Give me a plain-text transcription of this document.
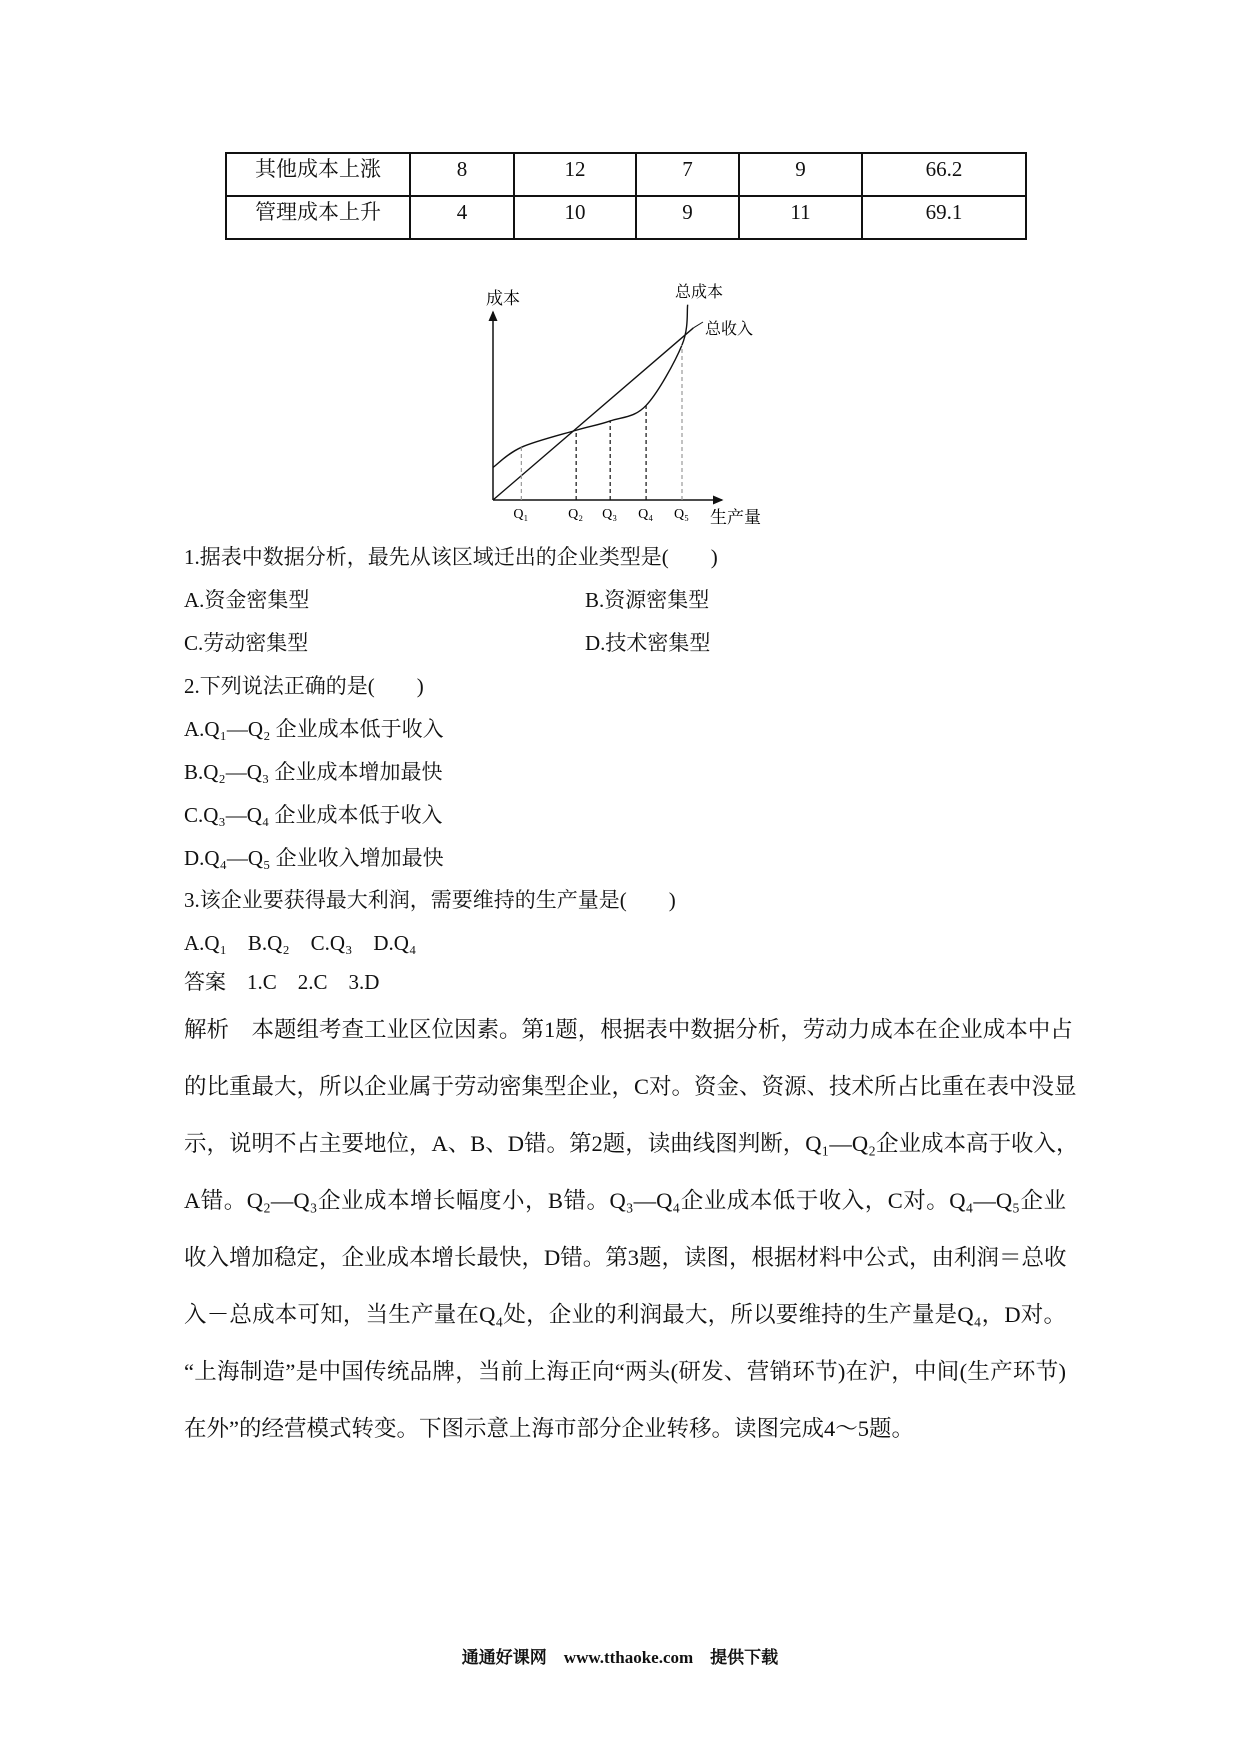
其他成本上涨	8	12	7	9	66.2
管理成本上升	4	10	9	11	69.1
成本
生产量
总成本
总收入
Q₁	Q₂ Q₃ Q₄ Q₅
1.据表中数据分析，最先从该区域迁出的企业类型是(　　)
A.资金密集型	B.资源密集型
C.劳动密集型	D.技术密集型
2.下列说法正确的是(　　)
A.Q₁—Q₂ 企业成本低于收入
B.Q₂—Q₃ 企业成本增加最快
C.Q₃—Q₄ 企业成本低于收入
D.Q₄—Q₅ 企业收入增加最快
3.该企业要获得最大利润，需要维持的生产量是(　　)
A.Q₁　B.Q₂　C.Q₃　D.Q₄
答案　1.C　2.C　3.D
解析　本题组考查工业区位因素。第1题，根据表中数据分析，劳动力成本在企业成本中占
的比重最大，所以企业属于劳动密集型企业，C对。资金、资源、技术所占比重在表中没显
示，说明不占主要地位，A、B、D错。第2题，读曲线图判断，Q₁—Q₂企业成本高于收入，
A错。Q₂—Q₃企业成本增长幅度小，B错。Q₃—Q₄企业成本低于收入，C对。Q₄—Q₅企业
收入增加稳定，企业成本增长最快，D错。第3题，读图，根据材料中公式，由利润＝总收
入－总成本可知，当生产量在Q₄处，企业的利润最大，所以要维持的生产量是Q₄，D对。
“上海制造”是中国传统品牌，当前上海正向“两头(研发、营销环节)在沪，中间(生产环节)
在外”的经营模式转变。下图示意上海市部分企业转移。读图完成4～5题。
通通好课网　www.tthaoke.com　提供下载
